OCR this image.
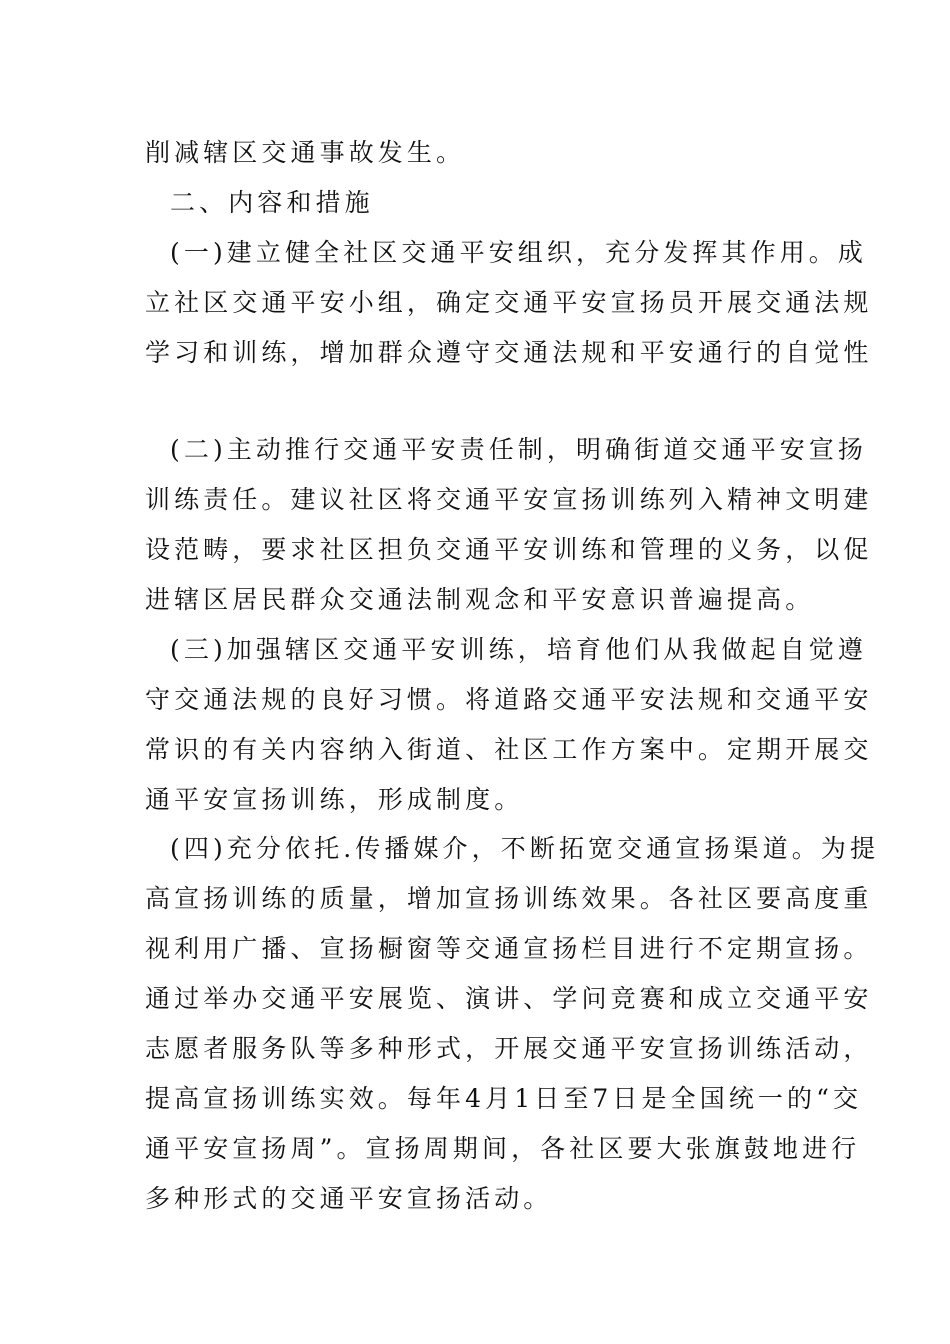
削减辖区交通事故发生。
二、内容和措施
(一)建立健全社区交通平安组织，充分发挥其作用。成
立社区交通平安小组，确定交通平安宣扬员开展交通法规
学习和训练，增加群众遵守交通法规和平安通行的自觉性
(二)主动推行交通平安责任制，明确街道交通平安宣扬
训练责任。建议社区将交通平安宣扬训练列入精神文明建
设范畴，要求社区担负交通平安训练和管理的义务，以促
进辖区居民群众交通法制观念和平安意识普遍提高。
(三)加强辖区交通平安训练，培育他们从我做起自觉遵
守交通法规的良好习惯。将道路交通平安法规和交通平安
常识的有关内容纳入街道、社区工作方案中。定期开展交
通平安宣扬训练，形成制度。
(四)充分依托.传播媒介，不断拓宽交通宣扬渠道。为提
高宣扬训练的质量，增加宣扬训练效果。各社区要高度重
视利用广播、宣扬橱窗等交通宣扬栏目进行不定期宣扬。
通过举办交通平安展览、演讲、学问竞赛和成立交通平安
志愿者服务队等多种形式，开展交通平安宣扬训练活动，
提高宣扬训练实效。每年4月1日至7日是全国统一的“交
通平安宣扬周”。宣扬周期间，各社区要大张旗鼓地进行
多种形式的交通平安宣扬活动。
